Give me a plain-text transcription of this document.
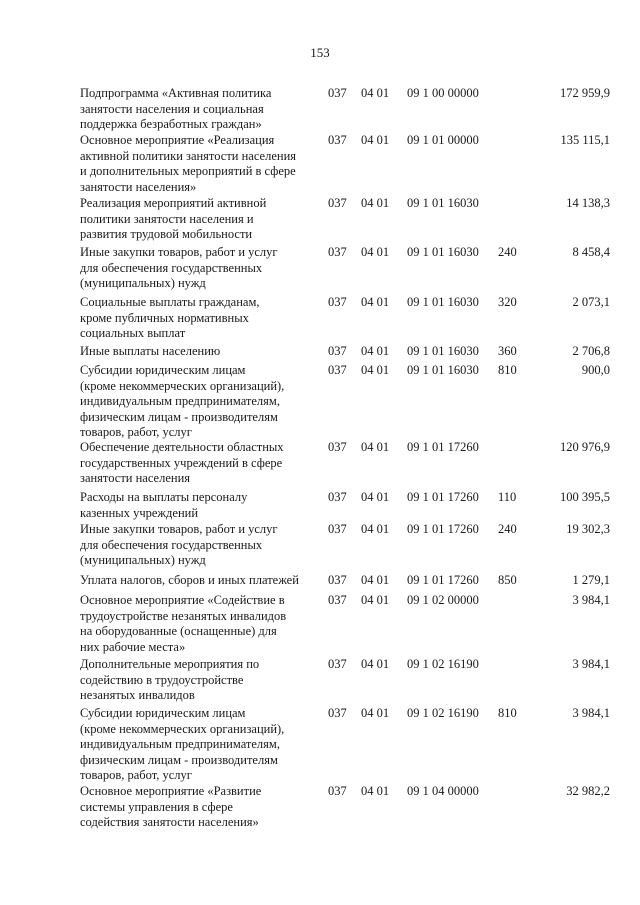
153
Подпрограмма «Активная политика
занятости населения и социальная
поддержка безработных граждан»
037 04 01 09 1 00 00000	172 959,9
Основное мероприятие «Реализация
активной политики занятости населения
и дополнительных мероприятий в сфере
занятости населения»
037 04 01 09 1 01 00000	135 115,1
Реализация мероприятий активной
политики занятости населения и
развития трудовой мобильности
037 04 01 09 1 01 16030	14 138,3
Иные закупки товаров, работ и услуг
для обеспечения государственных
(муниципальных) нужд
037 04 01 09 1 01 16030 240	8 458,4
Социальные выплаты гражданам,
кроме публичных нормативных
социальных выплат
037 04 01 09 1 01 16030 320	2 073,1
Иные выплаты населению	037 04 01 09 1 01 16030 360	2 706,8
Субсидии юридическим лицам
(кроме некоммерческих организаций),
индивидуальным предпринимателям,
физическим лицам - производителям
товаров, работ, услуг
037 04 01 09 1 01 16030 810	900,0
Обеспечение деятельности областных
государственных учреждений в сфере
занятости населения
037 04 01 09 1 01 17260	120 976,9
Расходы на выплаты персоналу
казенных учреждений
037 04 01 09 1 01 17260 110	100 395,5
Иные закупки товаров, работ и услуг
для обеспечения государственных
(муниципальных) нужд
037 04 01 09 1 01 17260 240	19 302,3
Уплата налогов, сборов и иных платежей	037 04 01 09 1 01 17260 850	1 279,1
Основное мероприятие «Содействие в
трудоустройстве незанятых инвалидов
на оборудованные (оснащенные) для
них рабочие места»
037 04 01 09 1 02 00000	3 984,1
Дополнительные мероприятия по
содействию в трудоустройстве
незанятых инвалидов
037 04 01 09 1 02 16190	3 984,1
Субсидии юридическим лицам
(кроме некоммерческих организаций),
индивидуальным предпринимателям,
физическим лицам - производителям
товаров, работ, услуг
037 04 01 09 1 02 16190 810	3 984,1
Основное мероприятие «Развитие
системы управления в сфере
содействия занятости населения»
037 04 01 09 1 04 00000	32 982,2
